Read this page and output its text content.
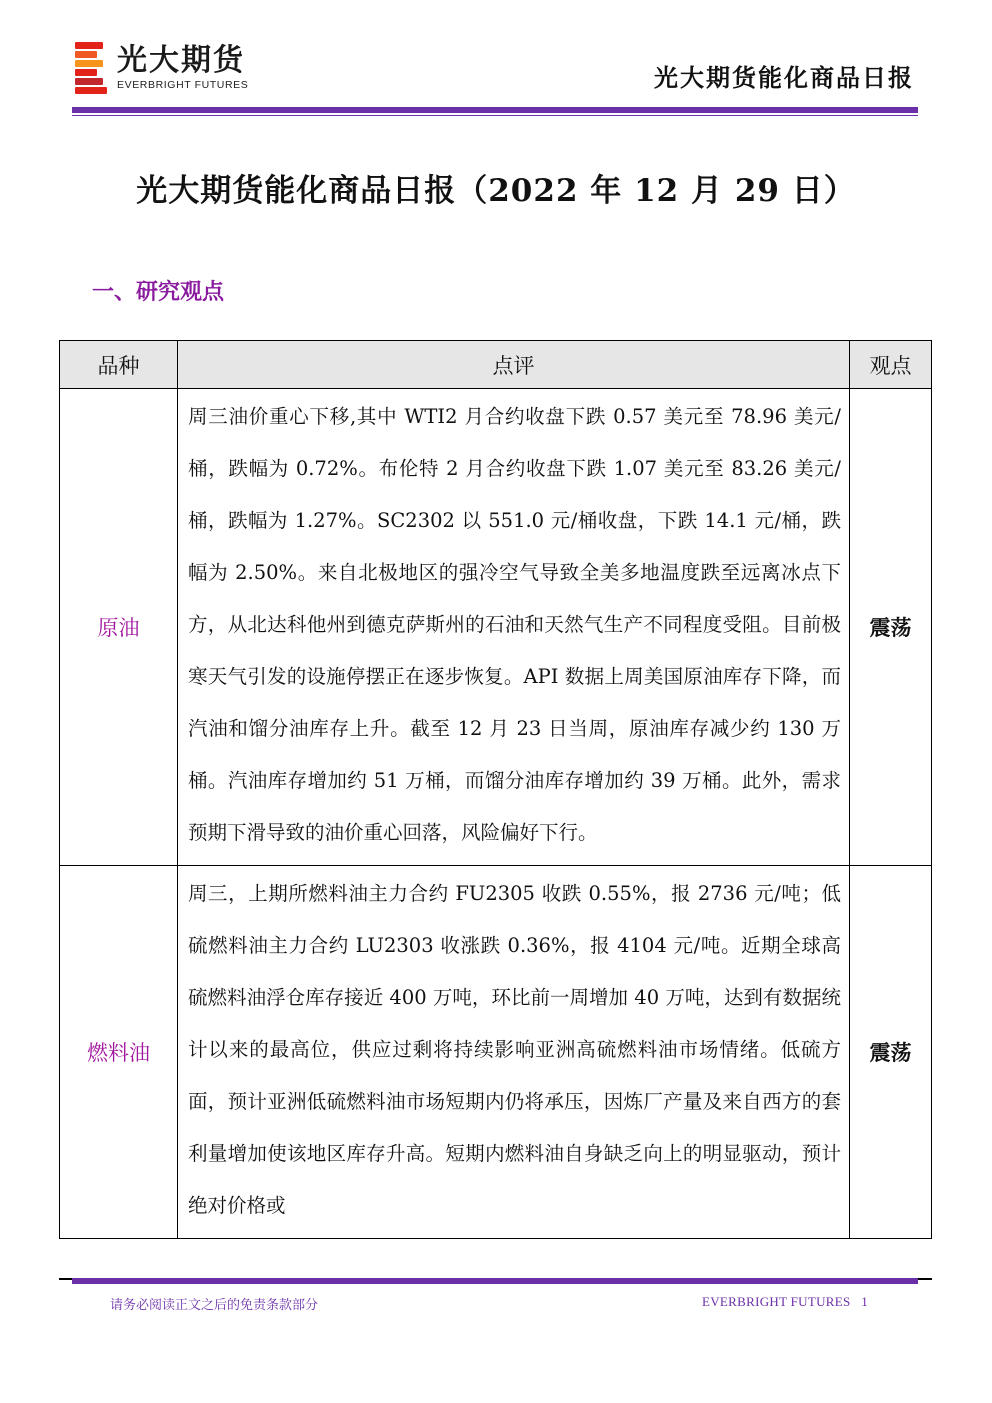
光大期货
EVERBRIGHT FUTURES	光大期货能化商品日报
光大期货能化商品日报（2022 年 12 月 29 日）
一、研究观点
品种	点评	观点
原油	周三油价重心下移,其中 WTI2 月合约收盘下跌 0.57 美元至 78.96 美元/桶，跌幅为 0.72%。布伦特 2 月合约收盘下跌 1.07 美元至 83.26 美元/桶，跌幅为 1.27%。SC2302 以 551.0 元/桶收盘，下跌 14.1 元/桶，跌幅为 2.50%。来自北极地区的强冷空气导致全美多地温度跌至远离冰点下方，从北达科他州到德克萨斯州的石油和天然气生产不同程度受阻。目前极寒天气引发的设施停摆正在逐步恢复。API 数据上周美国原油库存下降，而汽油和馏分油库存上升。截至 12 月 23 日当周，原油库存减少约 130 万桶。汽油库存增加约 51 万桶，而馏分油库存增加约 39 万桶。此外，需求预期下滑导致的油价重心回落，风险偏好下行。	震荡
燃料油	周三，上期所燃料油主力合约 FU2305 收跌 0.55%，报 2736 元/吨；低硫燃料油主力合约 LU2303 收涨跌 0.36%，报 4104 元/吨。近期全球高硫燃料油浮仓库存接近 400 万吨，环比前一周增加 40 万吨，达到有数据统计以来的最高位，供应过剩将持续影响亚洲高硫燃料油市场情绪。低硫方面，预计亚洲低硫燃料油市场短期内仍将承压，因炼厂产量及来自西方的套利量增加使该地区库存升高。短期内燃料油自身缺乏向上的明显驱动，预计绝对价格或	震荡
请务必阅读正文之后的免责条款部分	EVERBRIGHT FUTURES 1
